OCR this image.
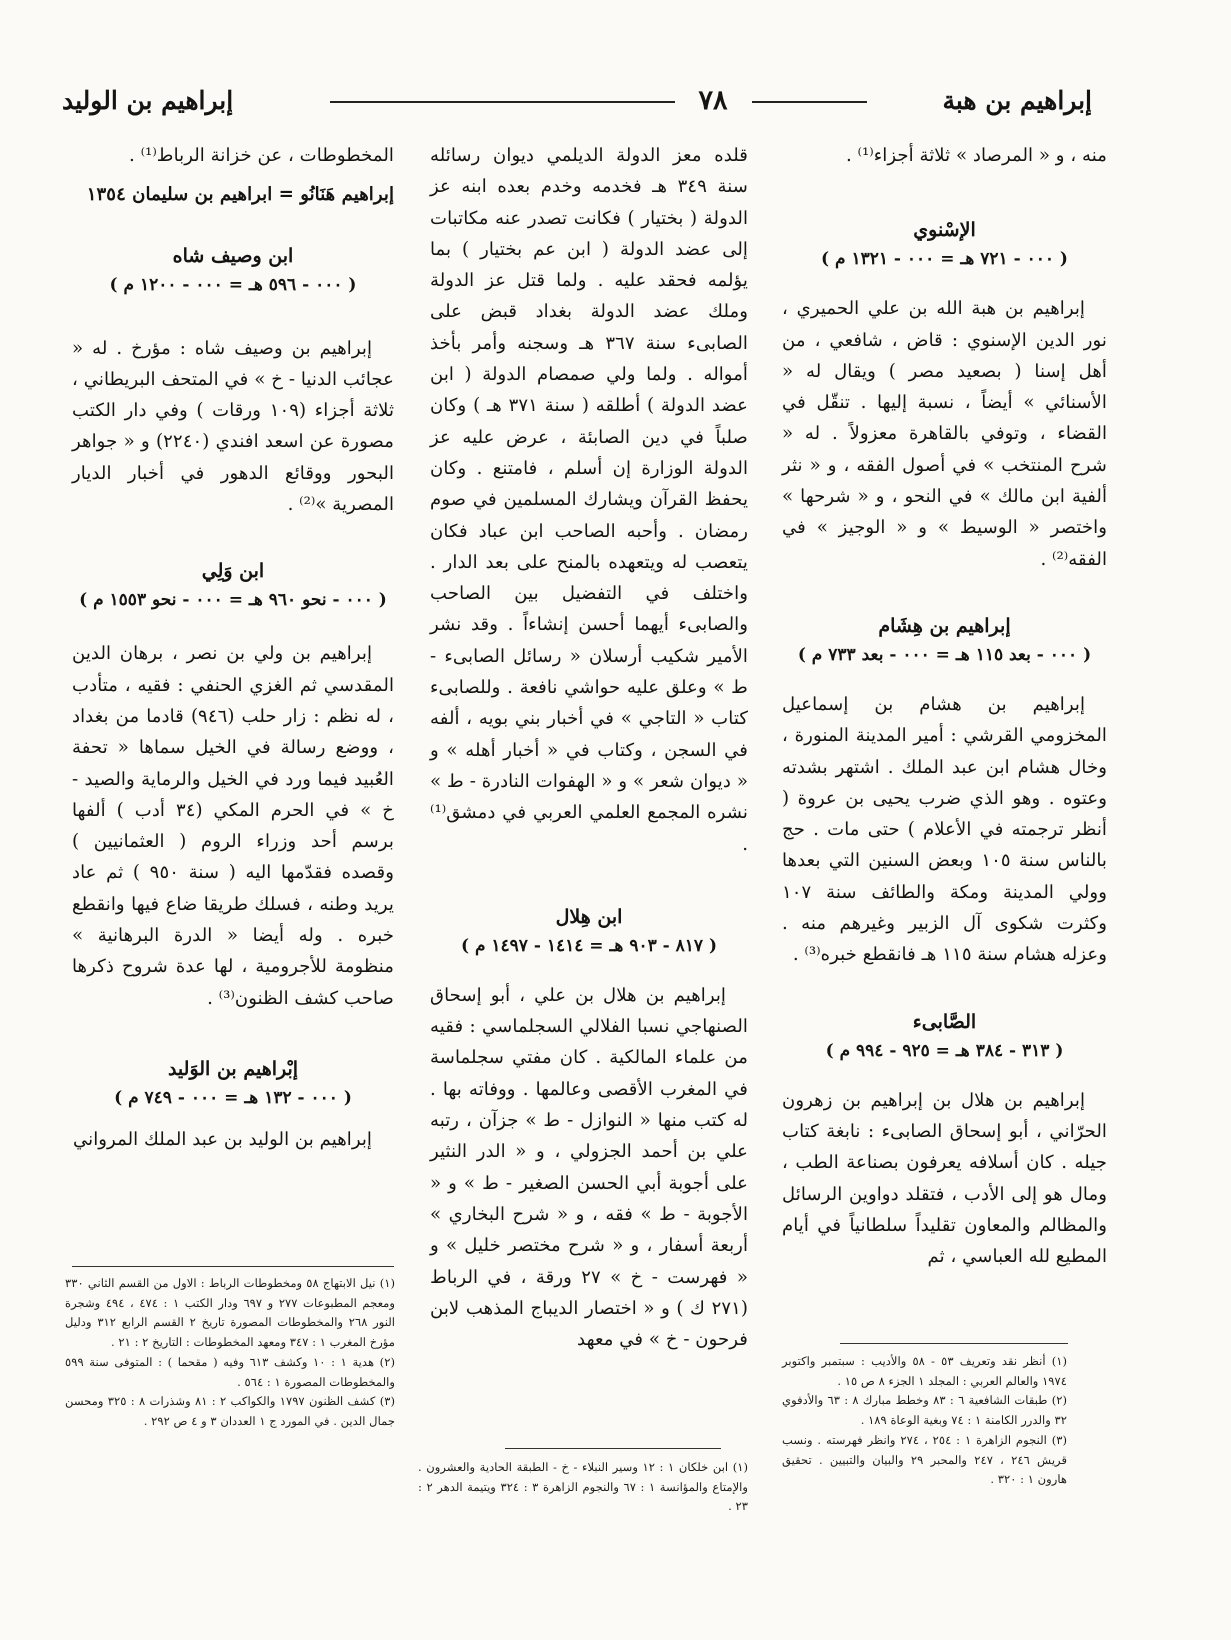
إبراهيم بن هبة
٧٨
إبراهيم بن الوليد

منه ، و « المرصاد » ثلاثة أجزاء⁽¹⁾ .

الإسْنوي

( ٠٠٠ - ٧٢١ هـ = ٠٠٠ - ١٣٢١ م )

إبراهيم بن هبة الله بن علي الحميري ، نور الدين الإسنوي : قاض ، شافعي ، من أهل إسنا ( بصعيد مصر ) ويقال له « الأسنائي » أيضاً ، نسبة إليها . تنقّل في القضاء ، وتوفي بالقاهرة معزولاً . له « شرح المنتخب » في أصول الفقه ، و « نثر ألفية ابن مالك » في النحو ، و « شرحها » واختصر « الوسيط » و « الوجيز » في الفقه⁽²⁾ .

إبراهيم بن هِشَام

( ٠٠٠ - بعد ١١٥ هـ = ٠٠٠ - بعد ٧٣٣ م )

إبراهيم بن هشام بن إسماعيل المخزومي القرشي : أمير المدينة المنورة ، وخال هشام ابن عبد الملك . اشتهر بشدته وعتوه . وهو الذي ضرب يحيى بن عروة ( أنظر ترجمته في الأعلام ) حتى مات . حج بالناس سنة ١٠٥ وبعض السنين التي بعدها وولي المدينة ومكة والطائف سنة ١٠٧ وكثرت شكوى آل الزبير وغيرهم منه . وعزله هشام سنة ١١٥ هـ فانقطع خبره⁽³⁾ .

الصَّابىء

( ٣١٣ - ٣٨٤ هـ = ٩٢٥ - ٩٩٤ م )

إبراهيم بن هلال بن إبراهيم بن زهرون الحرّاني ، أبو إسحاق الصابىء : نابغة كتاب جيله . كان أسلافه يعرفون بصناعة الطب ، ومال هو إلى الأدب ، فتقلد دواوين الرسائل والمظالم والمعاون تقليداً سلطانياً في أيام المطيع لله العباسي ، ثم

قلده معز الدولة الديلمي ديوان رسائله سنة ٣٤٩ هـ فخدمه وخدم بعده ابنه عز الدولة ( بختيار ) فكانت تصدر عنه مكاتبات إلى عضد الدولة ( ابن عم بختيار ) بما يؤلمه فحقد عليه . ولما قتل عز الدولة وملك عضد الدولة بغداد قبض على الصابىء سنة ٣٦٧ هـ وسجنه وأمر بأخذ أمواله . ولما ولي صمصام الدولة ( ابن عضد الدولة ) أطلقه ( سنة ٣٧١ هـ ) وكان صلباً في دين الصابئة ، عرض عليه عز الدولة الوزارة إن أسلم ، فامتنع . وكان يحفظ القرآن ويشارك المسلمين في صوم رمضان . وأحبه الصاحب ابن عباد فكان يتعصب له ويتعهده بالمنح على بعد الدار . واختلف في التفضيل بين الصاحب والصابىء أيهما أحسن إنشاءاً . وقد نشر الأمير شكيب أرسلان « رسائل الصابىء - ط » وعلق عليه حواشي نافعة . وللصابىء كتاب « التاجي » في أخبار بني بويه ، ألفه في السجن ، وكتاب في « أخبار أهله » و « ديوان شعر » و « الهفوات النادرة - ط » نشره المجمع العلمي العربي في دمشق⁽¹⁾ .

ابن هِلال

( ٨١٧ - ٩٠٣ هـ = ١٤١٤ - ١٤٩٧ م )

إبراهيم بن هلال بن علي ، أبو إسحاق الصنهاجي نسبا الفلالي السجلماسي : فقيه من علماء المالكية . كان مفتي سجلماسة في المغرب الأقصى وعالمها . ووفاته بها . له كتب منها « النوازل - ط » جزآن ، رتبه علي بن أحمد الجزولي ، و « الدر النثير على أجوبة أبي الحسن الصغير - ط » و « الأجوبة - ط » فقه ، و « شرح البخاري » أربعة أسفار ، و « شرح مختصر خليل » و « فهرست - خ » ٢٧ ورقة ، في الرباط (٢٧١ ك ) و « اختصار الديباج المذهب لابن فرحون - خ » في معهد

المخطوطات ، عن خزانة الرباط⁽¹⁾ .

إبراهيم هَنَانُو = ابراهيم بن سليمان ١٣٥٤

ابن وصيف شاه

( ٠٠٠ - ٥٩٦ هـ = ٠٠٠ - ١٢٠٠ م )

إبراهيم بن وصيف شاه : مؤرخ . له « عجائب الدنيا - خ » في المتحف البريطاني ، ثلاثة أجزاء (١٠٩ ورقات ) وفي دار الكتب مصورة عن اسعد افندي (٢٢٤٠) و « جواهر البحور ووقائع الدهور في أخبار الديار المصرية »⁽²⁾ .

ابن وَلِي

( ٠٠٠ - نحو ٩٦٠ هـ = ٠٠٠ - نحو ١٥٥٣ م )

إبراهيم بن ولي بن نصر ، برهان الدين المقدسي ثم الغزي الحنفي : فقيه ، متأدب ، له نظم : زار حلب (٩٤٦) قادما من بغداد ، ووضع رسالة في الخيل سماها « تحفة العُبيد فيما ورد في الخيل والرماية والصيد - خ » في الحرم المكي (٣٤ أدب ) ألفها برسم أحد وزراء الروم ( العثمانيين ) وقصده فقدّمها اليه ( سنة ٩٥٠ ) ثم عاد يريد وطنه ، فسلك طريقا ضاع فيها وانقطع خبره . وله أيضا « الدرة البرهانية » منظومة للأجرومية ، لها عدة شروح ذكرها صاحب كشف الظنون⁽³⁾ .

إبْراهيم بن الوَليد

( ٠٠٠ - ١٣٢ هـ = ٠٠٠ - ٧٤٩ م )

إبراهيم بن الوليد بن عبد الملك المرواني

(١) أنظر نقد وتعريف ٥٣ - ٥٨ والأديب : سبتمبر واكتوبر ١٩٧٤ والعالم العربي : المجلد ١ الجزء ٨ ص ١٥ .

(٢) طبقات الشافعية ٦ : ٨٣ وخطط مبارك ٨ : ٦٣ والأدفوي ٣٢ والدرر الكامنة ١ : ٧٤ وبغية الوعاة ١٨٩ .

(٣) النجوم الزاهرة ١ : ٢٥٤ ، ٢٧٤ وانظر فهرسته . ونسب قريش ٢٤٦ ، ٢٤٧ والمحبر ٢٩ والبيان والتبيين . تحقيق هارون ١ : ٣٢٠ .

(١) ابن خلكان ١ : ١٢ وسير النبلاء - خ - الطبقة الحادية والعشرون . والإمتاع والمؤانسة ١ : ٦٧ والنجوم الزاهرة ٣ : ٣٢٤ ويتيمة الدهر ٢ : ٢٣ .

(١) نيل الابتهاج ٥٨ ومخطوطات الرباط : الاول من القسم الثاني ٣٣٠ ومعجم المطبوعات ٢٧٧ و ٦٩٧ ودار الكتب ١ : ٤٧٤ ، ٤٩٤ وشجرة النور ٢٦٨ والمخطوطات المصورة تاريخ ٢ القسم الرابع ٣١٢ ودليل مؤرخ المغرب ١ : ٣٤٧ ومعهد المخطوطات : التاريخ ٢ : ٢١ .

(٢) هدية ١ : ١٠ وكشف ٦١٣ وفيه ( مقحما ) : المتوفى سنة ٥٩٩ والمخطوطات المصورة ١ : ٥٦٤ .

(٣) كشف الظنون ١٧٩٧ والكواكب ٢ : ٨١ وشذرات ٨ : ٣٢٥ ومحسن جمال الدين . في المورد ج ١ العددان ٣ و ٤ ص ٢٩٢ .
